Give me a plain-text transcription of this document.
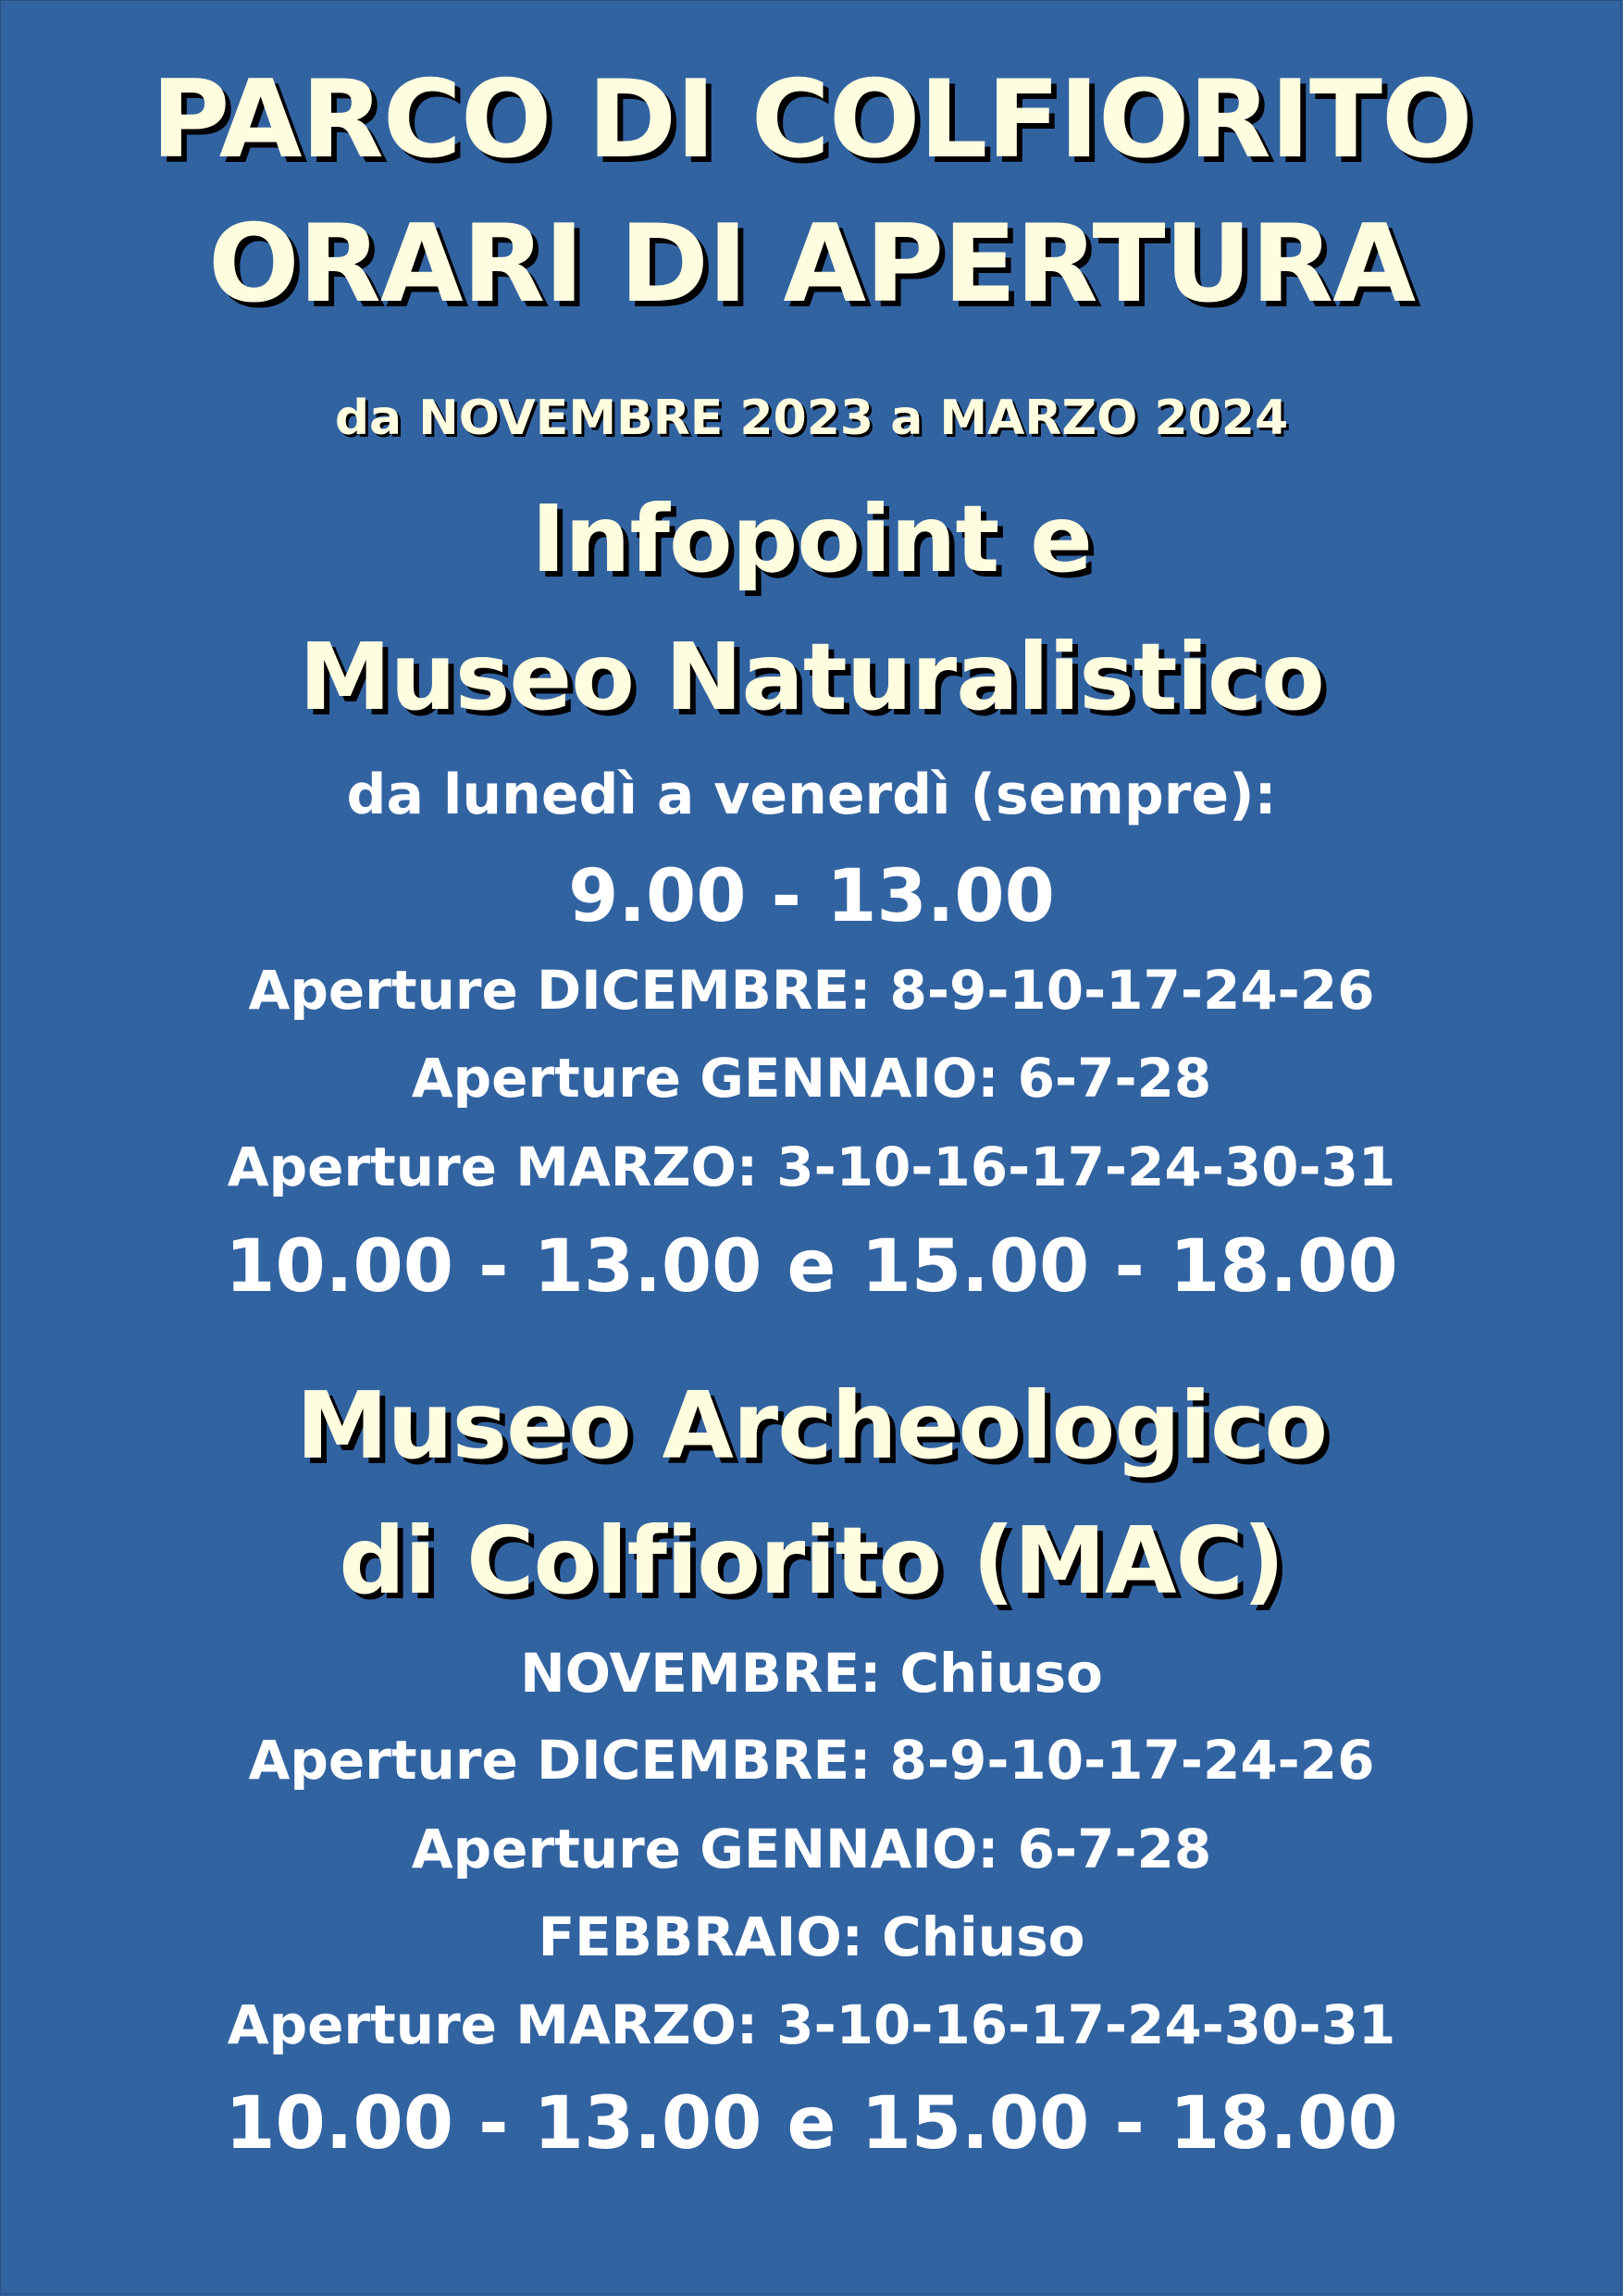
PARCO DI COLFIORITO
ORARI DI APERTURA
da NOVEMBRE 2023 a MARZO 2024
Infopoint e
Museo Naturalistico
da lunedì a venerdì (sempre):
9.00 - 13.00
Aperture DICEMBRE: 8-9-10-17-24-26
Aperture GENNAIO: 6-7-28
Aperture MARZO: 3-10-16-17-24-30-31
10.00 - 13.00 e 15.00 - 18.00
Museo Archeologico
di Colfiorito (MAC)
NOVEMBRE: Chiuso
Aperture DICEMBRE: 8-9-10-17-24-26
Aperture GENNAIO: 6-7-28
FEBBRAIO: Chiuso
Aperture MARZO: 3-10-16-17-24-30-31
10.00 - 13.00 e 15.00 - 18.00
